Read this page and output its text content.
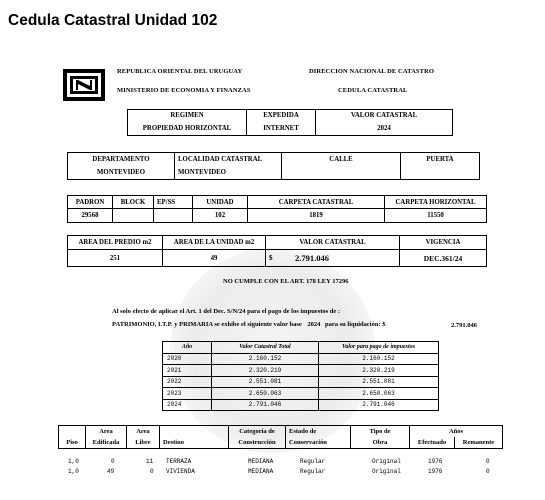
Cedula Catastral Unidad 102
REPUBLICA ORIENTAL DEL URUGUAY
MINISTERIO DE ECONOMIA Y FINANZAS
DIRECCION NACIONAL DE CATASTRO
CEDULA CATASTRAL
REGIMEN	EXPEDIDA	VALOR CATASTRAL
PROPIEDAD HORIZONTAL	INTERNET	2024
DEPARTAMENTO	LOCALIDAD CATASTRAL	CALLE	PUERTA
MONTEVIDEO	MONTEVIDEO		
PADRON	BLOCK	EP/SS	UNIDAD	CARPETA CATASTRAL	CARPETA HORIZONTAL
29568			102	1819	11550
AREA DEL PREDIO m2	AREA DE LA UNIDAD m2	VALOR CATASTRAL		VIGENCIA
251	49	$	2.791.046	DEC.361/24
NO CUMPLE CON EL ART. 178 LEY 17296
Al solo efecto de aplicar el Art. 1 del Dec. S/N/24 para el pago de los impuestos de :
PATRIMONIO, I.T.P. y PRIMARIA se exhibe el siguiente valor base 2024 para su liquidación: $	2.791.046
Año	Valor Catastral Total	Valor para pago de impuestos
2020	2.160.152	2.160.152
2021	2.320.219	2.320.219
2022	2.551.081	2.551.081
2023	2.650.063	2.650.063
2024	2.791.046	2.791.046
	Area	Area		Categoria de	Estado de	Tipo de	Años	
Piso	Edificada	Libre	Destino	Construcción	Conservación	Obra	Efectuado	Remanente
1,0	0	11 TERRAZA	MEDIANA	Regular	Original	1976	0
1,0	49	0 VIVIENDA	MEDIANA	Regular	Original	1976	0
